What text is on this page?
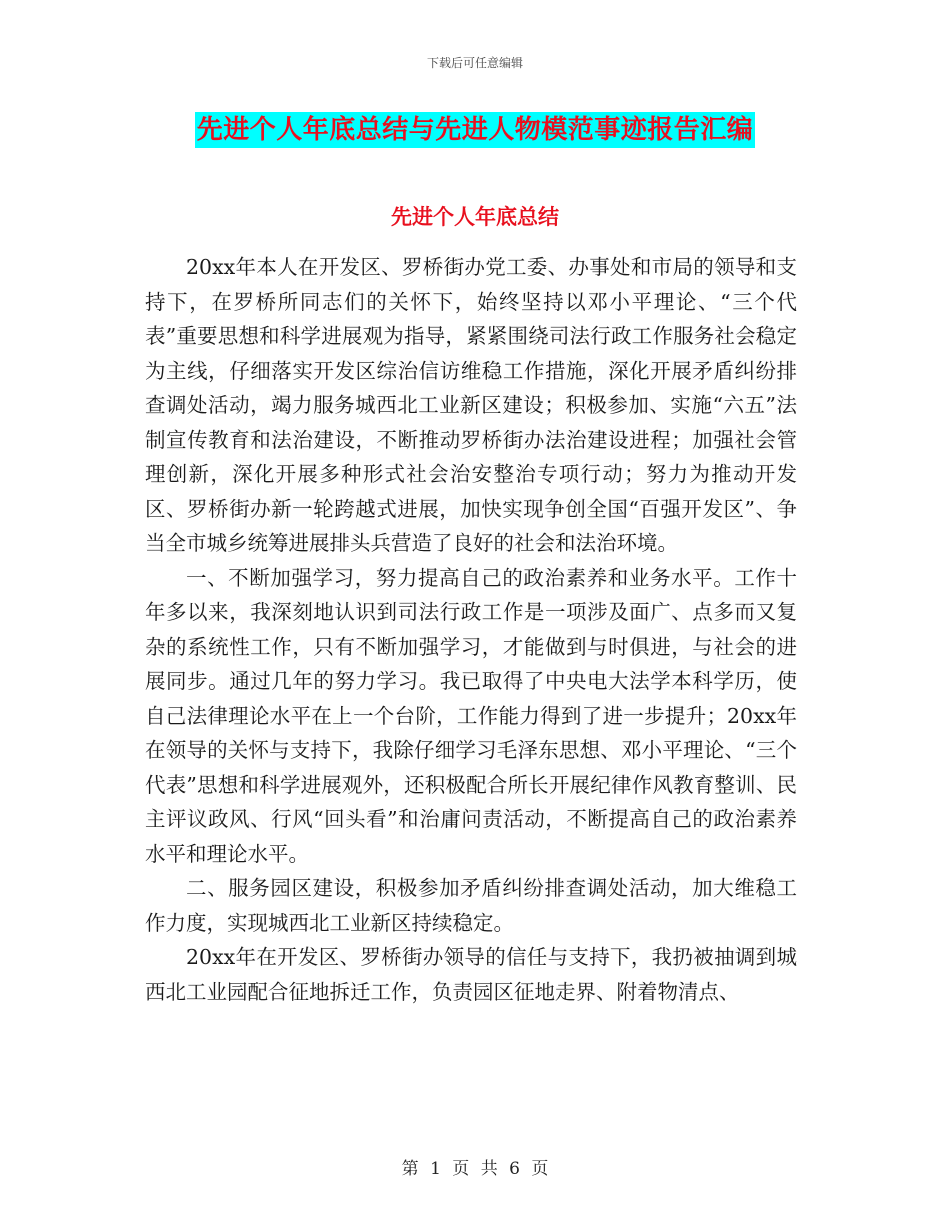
下载后可任意编辑
先进个人年底总结与先进人物模范事迹报告汇编
先进个人年底总结

20xx年本人在开发区、罗桥街办党工委、办事处和市局的领导和支持下，在罗桥所同志们的关怀下，始终坚持以邓小平理论、“三个代表”重要思想和科学进展观为指导，紧紧围绕司法行政工作服务社会稳定为主线，仔细落实开发区综治信访维稳工作措施，深化开展矛盾纠纷排查调处活动，竭力服务城西北工业新区建设；积极参加、实施“六五”法制宣传教育和法治建设，不断推动罗桥街办法治建设进程；加强社会管理创新，深化开展多种形式社会治安整治专项行动；努力为推动开发区、罗桥街办新一轮跨越式进展，加快实现争创全国“百强开发区”、争当全市城乡统筹进展排头兵营造了良好的社会和法治环境。

一、不断加强学习，努力提高自己的政治素养和业务水平。工作十年多以来，我深刻地认识到司法行政工作是一项涉及面广、点多而又复杂的系统性工作，只有不断加强学习，才能做到与时俱进，与社会的进展同步。通过几年的努力学习。我已取得了中央电大法学本科学历，使自己法律理论水平在上一个台阶，工作能力得到了进一步提升；20xx年在领导的关怀与支持下，我除仔细学习毛泽东思想、邓小平理论、“三个代表”思想和科学进展观外，还积极配合所长开展纪律作风教育整训、民主评议政风、行风“回头看”和治庸问责活动，不断提高自己的政治素养水平和理论水平。

二、服务园区建设，积极参加矛盾纠纷排查调处活动，加大维稳工作力度，实现城西北工业新区持续稳定。

20xx年在开发区、罗桥街办领导的信任与支持下，我扔被抽调到城西北工业园配合征地拆迁工作，负责园区征地走界、附着物清点、

第 1 页 共 6 页
